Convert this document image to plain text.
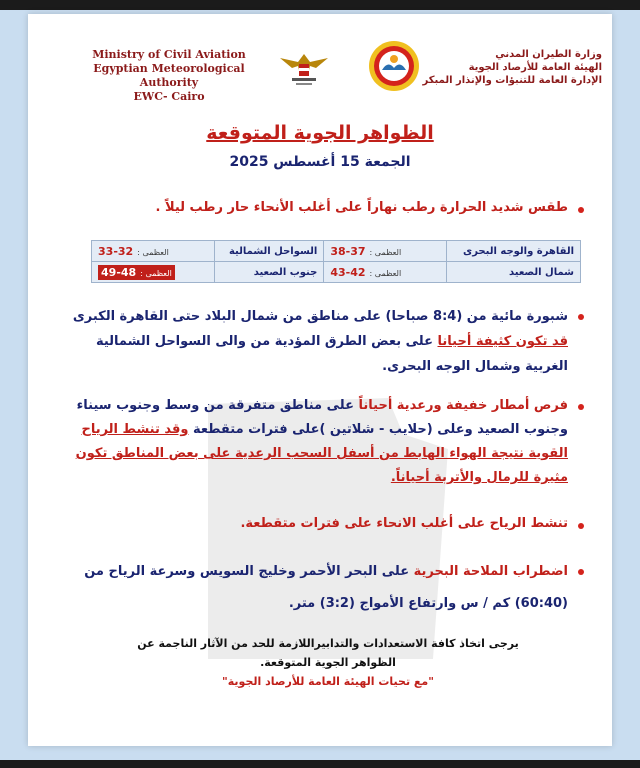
Ministry of Civil Aviation
Egyptian Meteorological Authority
EWC- Cairo
وزارة الطيران المدني
الهيئة العامة للأرصاد الجوية
الإدارة العامة للتنبؤات والإنذار المبكر
الظواهر الجوية المتوقعة
الجمعة 15 أغسطس 2025
طقس شديد الحرارة رطب نهاراً على أغلب الأنحاء حار رطب ليلاً .
القاهرة والوجه البحرى	العظمى :37-38	السواحل الشمالية	العظمى :32-33
شمال الصعيد	العظمى :42-43	جنوب الصعيد	العظمى :48-49
شبورة مائية من (8:4 صباحا) على مناطق من شمال البلاد حتى القاهرة الكبرى قد تكون كثيفة أحيانا على بعض الطرق المؤدية من والى السواحل الشمالية الغربية وشمال الوجه البحرى.
فرص أمطار خفيفة ورعدية أحياناً على مناطق متفرقة من وسط وجنوب سيناء وجنوب الصعيد وعلى (حلايب - شلاتين )على فترات متقطعة وقد تنشط الرياح القوية نتيجة الهواء الهابط من أسفل السحب الرعدية على بعض المناطق تكون مثيرة للرمال والأتربة أحياناً.
تنشط الرياح على أغلب الانحاء على فترات متقطعة.
اضطراب الملاحة البحرية على البحر الأحمر وخليج السويس وسرعة الرياح من (60:40) كم / س وارتفاع الأمواج (3:2) متر.
يرجى اتخاذ كافة الاستعدادات والتدابيراللازمة للحد من الآثار الناجمة عن
الظواهر الجوية المتوقعة.
"مع تحيات الهيئة العامة للأرصاد الجوية"
